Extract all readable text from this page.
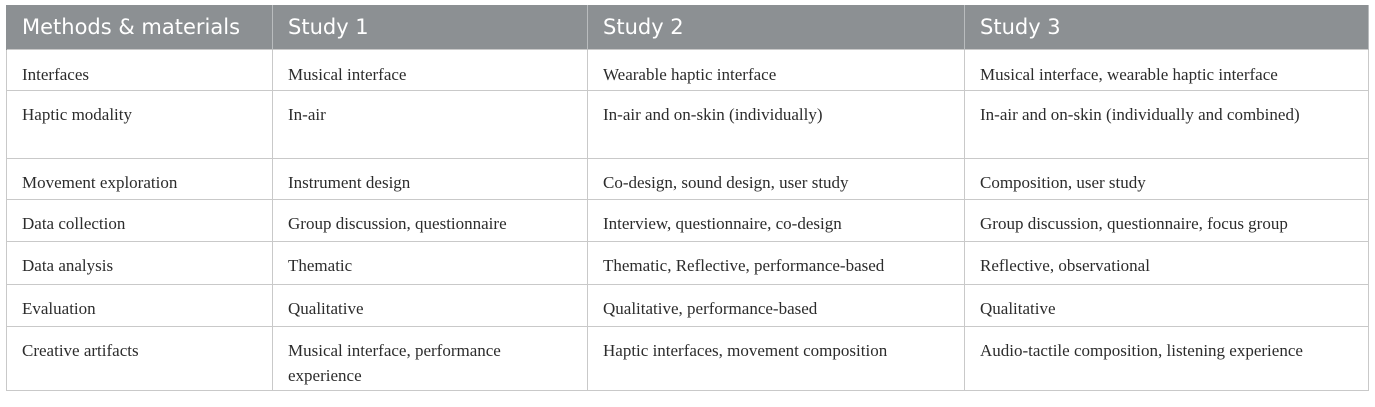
Methods & materials	Study 1	Study 2	Study 3
Interfaces	Musical interface	Wearable haptic interface	Musical interface, wearable haptic interface
Haptic modality	In-air	In-air and on-skin (individually)	In-air and on-skin (individually and combined)
Movement exploration	Instrument design	Co-design, sound design, user study	Composition, user study
Data collection	Group discussion, questionnaire	Interview, questionnaire, co-design	Group discussion, questionnaire, focus group
Data analysis	Thematic	Thematic, Reflective, performance-based	Reflective, observational
Evaluation	Qualitative	Qualitative, performance-based	Qualitative
Creative artifacts	Musical interface, performance experience	Haptic interfaces, movement composition	Audio-tactile composition, listening experience
